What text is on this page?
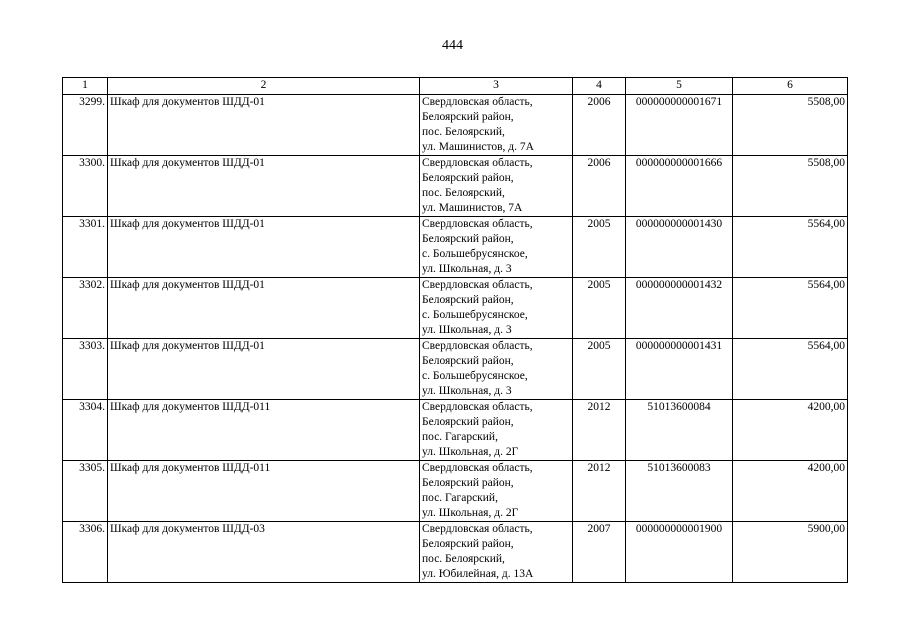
444
1	2	3	4	5	6
3299.	Шкаф для документов ШДД-01	Свердловская область,
Белоярский район,
пос. Белоярский,
ул. Машинистов, д. 7А	2006	000000000001671	5508,00
3300.	Шкаф для документов ШДД-01	Свердловская область,
Белоярский район,
пос. Белоярский,
ул. Машинистов, 7А	2006	000000000001666	5508,00
3301.	Шкаф для документов ШДД-01	Свердловская область,
Белоярский район,
с. Большебрусянское,
ул. Школьная, д. 3	2005	000000000001430	5564,00
3302.	Шкаф для документов ШДД-01	Свердловская область,
Белоярский район,
с. Большебрусянское,
ул. Школьная, д. 3	2005	000000000001432	5564,00
3303.	Шкаф для документов ШДД-01	Свердловская область,
Белоярский район,
с. Большебрусянское,
ул. Школьная, д. 3	2005	000000000001431	5564,00
3304.	Шкаф для документов ШДД-011	Свердловская область,
Белоярский район,
пос. Гагарский,
ул. Школьная, д. 2Г	2012	51013600084	4200,00
3305.	Шкаф для документов ШДД-011	Свердловская область,
Белоярский район,
пос. Гагарский,
ул. Школьная, д. 2Г	2012	51013600083	4200,00
3306.	Шкаф для документов ШДД-03	Свердловская область,
Белоярский район,
пос. Белоярский,
ул. Юбилейная, д. 13А	2007	000000000001900	5900,00
